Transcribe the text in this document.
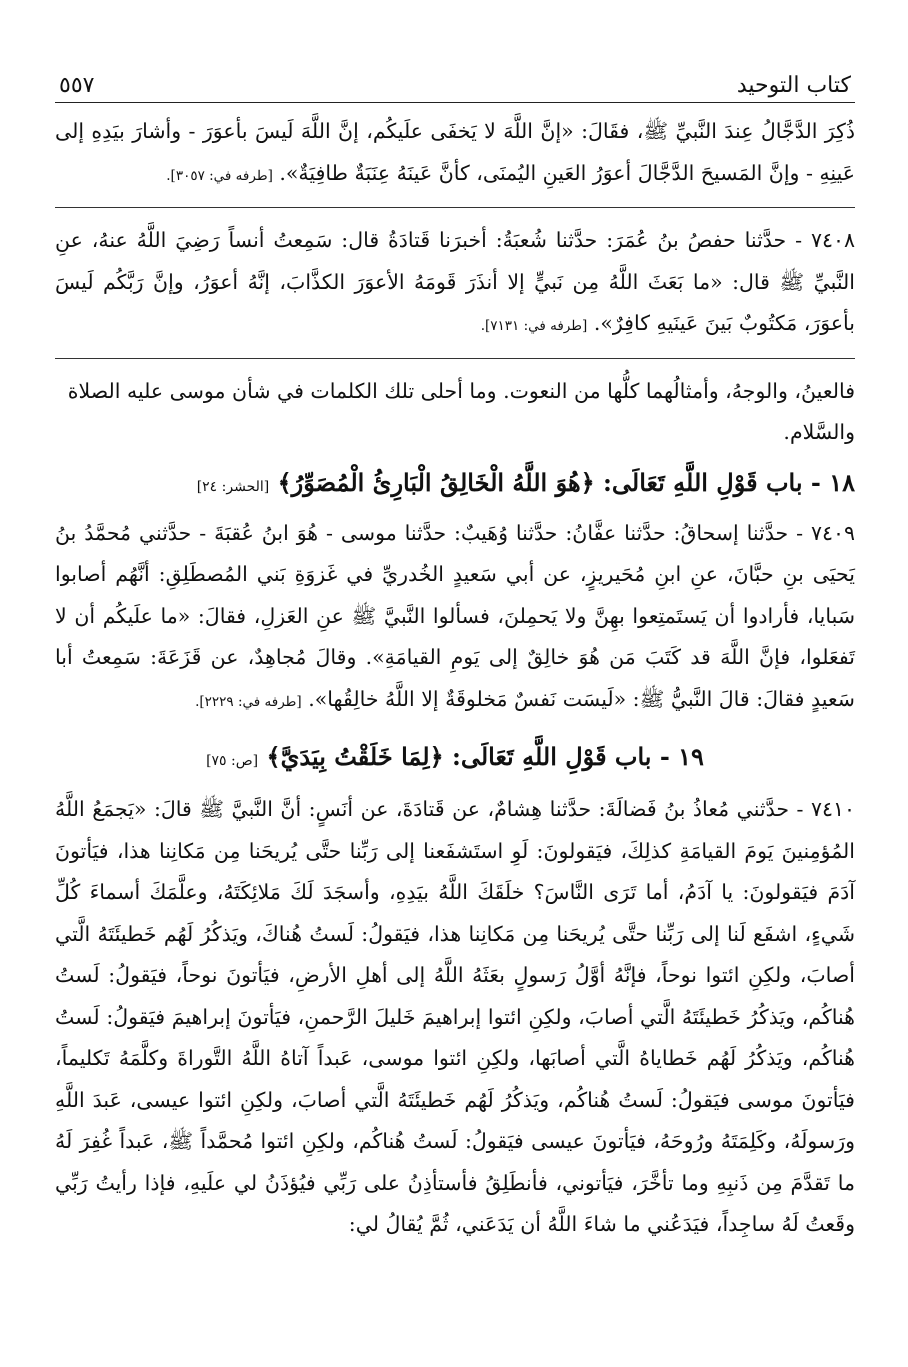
كتاب التوحيد
٥٥٧

ذُكِرَ الدَّجَّالُ عِندَ النَّبيِّ ﷺ، فقَالَ: «إنَّ اللَّهَ لا يَخفَى علَيكُم، إنَّ اللَّهَ لَيسَ بأعوَرَ - وأشارَ بيَدِهِ إلى عَينِهِ - وإنَّ المَسيحَ الدَّجَّالَ أعوَرُ العَينِ اليُمنَى، كأنَّ عَينَهُ عِنَبَةٌ طافِيَةٌ». [طرفه في: ٣٠٥٧].

٧٤٠٨ - حدَّثنا حفصُ بنُ عُمَرَ: حدَّثنا شُعبَةُ: أخبرَنا قَتادَةُ قال: سَمِعتُ أنساً رَضِيَ اللَّهُ عنهُ، عنِ النَّبيِّ ﷺ قال: «ما بَعَثَ اللَّهُ مِن نَبيٍّ إلا أنذَرَ قَومَهُ الأعوَرَ الكذَّابَ، إنَّهُ أعوَرُ، وإنَّ رَبَّكُم لَيسَ بأعوَرَ، مَكتُوبٌ بَينَ عَينَيهِ كافِرٌ». [طرفه في: ٧١٣١].

فالعينُ، والوجهُ، وأمثالُهما كلُّها من النعوت. وما أحلى تلك الكلمات في شأن موسى عليه الصلاة والسَّلام.

١٨ - باب قَوْلِ اللَّهِ تَعَالَى: ﴿هُوَ اللَّهُ الْخَالِقُ الْبَارِئُ الْمُصَوِّرُ﴾ [الحشر: ٢٤]

٧٤٠٩ - حدَّثنا إسحاقُ: حدَّثنا عفَّانُ: حدَّثنا وُهَيبٌ: حدَّثنا موسى - هُوَ ابنُ عُقبَةَ - حدَّثني مُحمَّدُ بنُ يَحيَى بنِ حبَّانَ، عنِ ابنِ مُحَيريزٍ، عن أبي سَعيدٍ الخُدريِّ في غَزوَةِ بَني المُصطَلِقِ: أنَّهُم أصابوا سَبايا، فأرادوا أن يَستَمتِعوا بهِنَّ ولا يَحمِلنَ، فسألوا النَّبيَّ ﷺ عنِ العَزلِ، فقالَ: «ما علَيكُم أن لا تَفعَلوا، فإنَّ اللَّهَ قد كَتَبَ مَن هُوَ خالِقٌ إلى يَومِ القيامَةِ». وقالَ مُجاهِدٌ، عن قَزَعَةَ: سَمِعتُ أبا سَعيدٍ فقالَ: قالَ النَّبيُّ ﷺ: «لَيسَت نَفسٌ مَخلوقَةٌ إلا اللَّهُ خالِقُها». [طرفه في: ٢٢٢٩].

١٩ - باب قَوْلِ اللَّهِ تَعَالَى: ﴿لِمَا خَلَقْتُ بِيَدَيَّ﴾ [ص: ٧٥]

٧٤١٠ - حدَّثني مُعاذُ بنُ فَضالَةَ: حدَّثنا هِشامٌ، عن قَتادَةَ، عن أنَسٍ: أنَّ النَّبيَّ ﷺ قالَ: «يَجمَعُ اللَّهُ المُؤمِنينَ يَومَ القيامَةِ كذلِكَ، فيَقولونَ: لَوِ استَشفَعنا إلى رَبِّنا حتَّى يُريحَنا مِن مَكانِنا هذا، فيَأتونَ آدَمَ فيَقولونَ: يا آدَمُ، أما تَرَى النَّاسَ؟ خلَقَكَ اللَّهُ بيَدِهِ، وأسجَدَ لَكَ مَلائِكَتَهُ، وعلَّمَكَ أسماءَ كُلِّ شَيءٍ، اشفَع لَنا إلى رَبِّنا حتَّى يُريحَنا مِن مَكانِنا هذا، فيَقولُ: لَستُ هُناكَ، ويَذكُرُ لَهُم خَطيئَتَهُ الَّتي أصابَ، ولكِنِ ائتوا نوحاً، فإنَّهُ أوَّلُ رَسولٍ بعَثَهُ اللَّهُ إلى أهلِ الأرضِ، فيَأتونَ نوحاً، فيَقولُ: لَستُ هُناكُم، ويَذكُرُ خَطيئَتَهُ الَّتي أصابَ، ولكِنِ ائتوا إبراهيمَ خَليلَ الرَّحمنِ، فيَأتونَ إبراهيمَ فيَقولُ: لَستُ هُناكُم، ويَذكُرُ لَهُم خَطاياهُ الَّتي أصابَها، ولكِنِ ائتوا موسى، عَبداً آتاهُ اللَّهُ التَّوراةَ وكلَّمَهُ تَكليماً، فيَأتونَ موسى فيَقولُ: لَستُ هُناكُم، ويَذكُرُ لَهُم خَطيئَتَهُ الَّتي أصابَ، ولكِنِ ائتوا عيسى، عَبدَ اللَّهِ ورَسولَهُ، وكَلِمَتَهُ ورُوحَهُ، فيَأتونَ عيسى فيَقولُ: لَستُ هُناكُم، ولكِنِ ائتوا مُحمَّداً ﷺ، عَبداً غُفِرَ لَهُ ما تَقدَّمَ مِن ذَنبِهِ وما تأخَّرَ، فيَأتوني، فأنطَلِقُ فأستأذِنُ على رَبِّي فيُؤذَنُ لي علَيهِ، فإذا رأيتُ رَبِّي وقَعتُ لَهُ ساجِداً، فيَدَعُني ما شاءَ اللَّهُ أن يَدَعَني، ثُمَّ يُقالُ لي:
